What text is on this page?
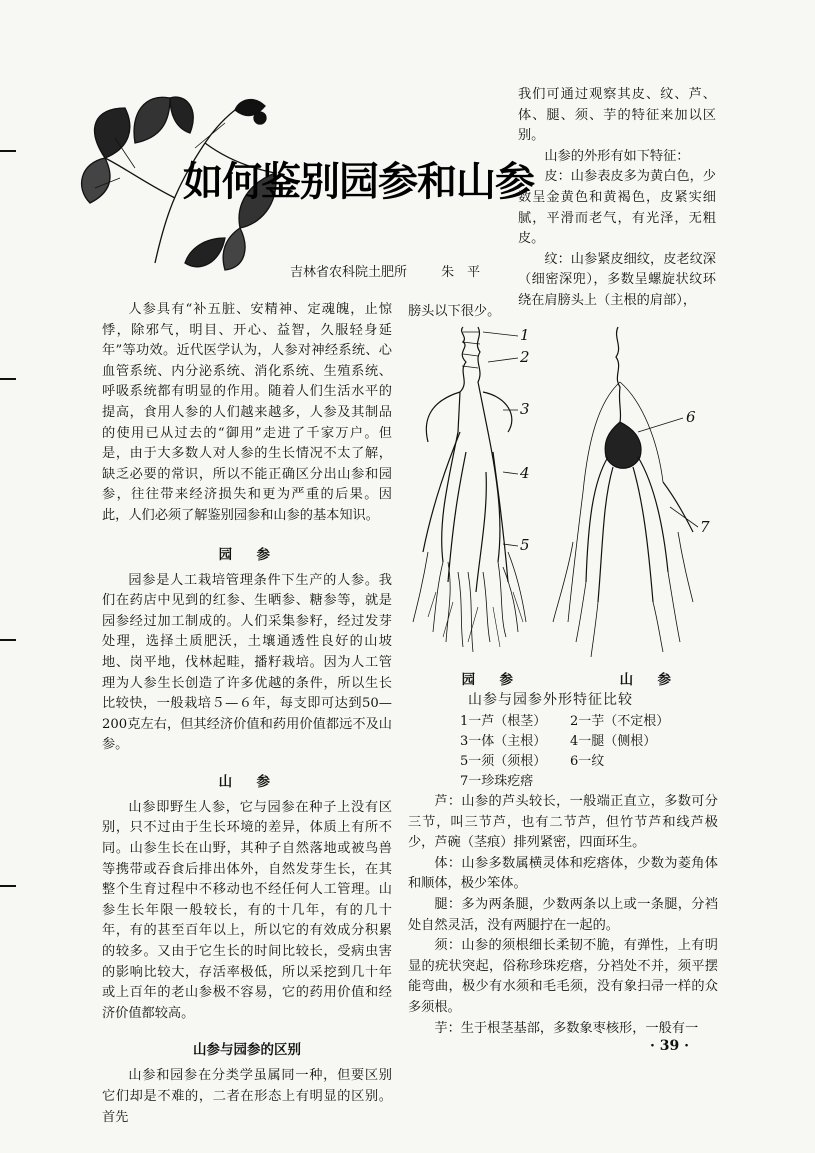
如何鉴别园参和山参
吉林省农科院土肥所	朱　平

人参具有“补五脏、安精神、定魂魄，止惊悸，除邪气，明目、开心、益智，久服轻身延年”等功效。近代医学认为，人参对神经系统、心血管系统、内分泌系统、消化系统、生殖系统、呼吸系统都有明显的作用。随着人们生活水平的提高，食用人参的人们越来越多，人参及其制品的使用已从过去的“御用”走进了千家万户。但是，由于大多数人对人参的生长情况不太了解，缺乏必要的常识，所以不能正确区分出山参和园参，往往带来经济损失和更为严重的后果。因此，人们必须了解鉴别园参和山参的基本知识。

园　参

园参是人工栽培管理条件下生产的人参。我们在药店中见到的红参、生晒参、糖参等，就是园参经过加工制成的。人们采集参籽，经过发芽处理，选择土质肥沃，土壤通透性良好的山坡地、岗平地，伐林起畦，播籽栽培。因为人工管理为人参生长创造了许多优越的条件，所以生长比较快，一般栽培５—６年，每支即可达到50—200克左右，但其经济价值和药用价值都远不及山参。

山　参

山参即野生人参，它与园参在种子上没有区别，只不过由于生长环境的差异，体质上有所不同。山参生长在山野，其种子自然落地或被鸟兽等携带或吞食后排出体外，自然发芽生长，在其整个生育过程中不移动也不经任何人工管理。山参生长年限一般较长，有的十几年，有的几十年，有的甚至百年以上，所以它的有效成分积累的较多。又由于它生长的时间比较长，受病虫害的影响比较大，存活率极低，所以采挖到几十年或上百年的老山参极不容易，它的药用价值和经济价值都较高。

山参与园参的区别

山参和园参在分类学虽属同一种，但要区别它们却是不难的，二者在形态上有明显的区别。首先

我们可通过观察其皮、纹、芦、体、腿、须、芋的特征来加以区别。

山参的外形有如下特征：

皮：山参表皮多为黄白色，少数呈金黄色和黄褐色，皮紧实细腻，平滑而老气，有光泽，无粗皮。

纹：山参紧皮细纹，皮老纹深（细密深兜），多数呈螺旋状纹环绕在肩膀头上（主根的肩部），

膀头以下很少。
1
2
3
4
5
6
7
园　参	山　参
山参与园参外形特征比较
1一芦（根茎）	2一芋（不定根）
3一体（主根）	4一腿（侧根）
5一须（须根）	6一纹
7一珍珠疙瘩

芦：山参的芦头较长，一般端正直立，多数可分三节，叫三节芦，也有二节芦，但竹节芦和线芦极少，芦碗（茎痕）排列紧密，四面环生。

体：山参多数属横灵体和疙瘩体，少数为菱角体和顺体，极少笨体。

腿：多为两条腿，少数两条以上或一条腿，分裆处自然灵活，没有两腿拧在一起的。

须：山参的须根细长柔韧不脆，有弹性，上有明显的疣状突起，俗称珍珠疙瘩，分裆处不并，须平摆能弯曲，极少有水须和毛毛须，没有象扫帚一样的众多须根。

芋：生于根茎基部，多数象枣核形，一般有一

· 39 ·
